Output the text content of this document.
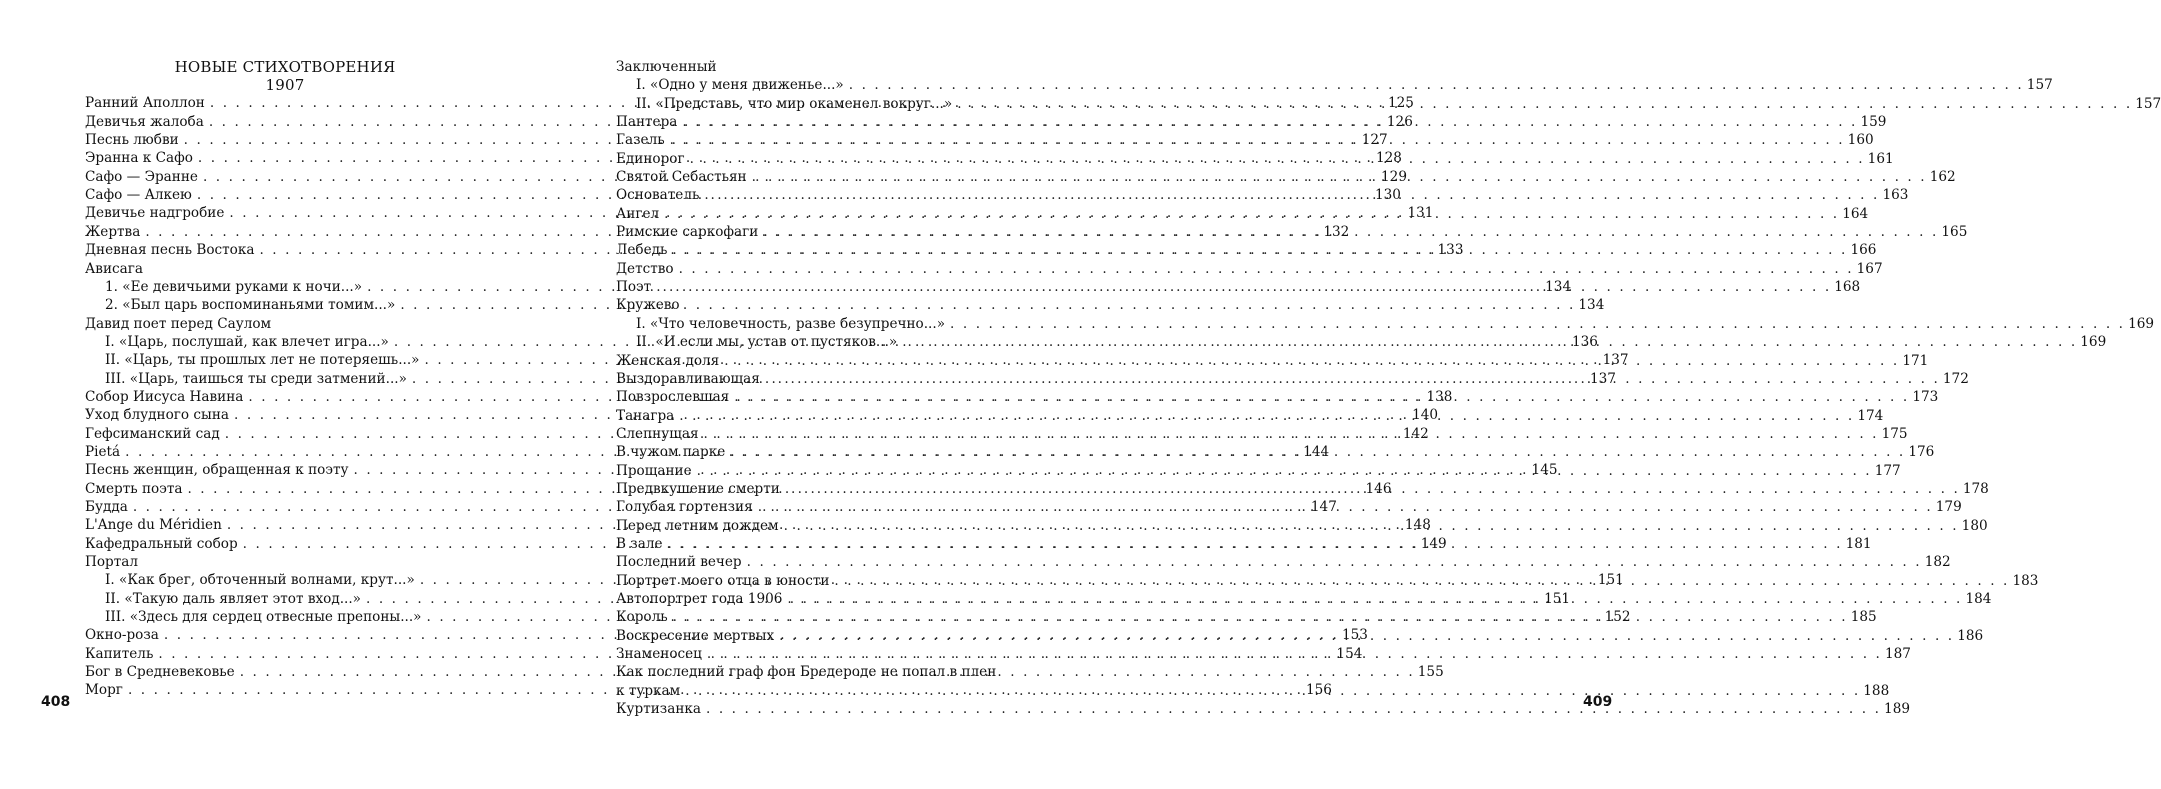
НОВЫЕ СТИХОТВОРЕНИЯ
1907
Ранний Аполлон . . .	125
Девичья жалоба . . .	126
Песнь любви . . .	127
Эранна к Сафо . . .	128
Сафо — Эранне . . .	129
Сафо — Алкею . . .	130
Девичье надгробие . . .	131
Жертва . . .	132
Дневная песнь Востока . . .	133
Ависага
1. «Ее девичьими руками к ночи...» . . .	134
2. «Был царь воспоминаньями томим...» . . .	134
Давид поет перед Саулом
I. «Царь, послушай, как влечет игра...» . . .	136
II. «Царь, ты прошлых лет не потеряешь...» . . .	137
III. «Царь, таишься ты среди затмений...» . . .	137
Собор Иисуса Навина . . .	138
Уход блудного сына . . .	140
Гефсиманский сад . . .	142
Pietá . . .	144
Песнь женщин, обращенная к поэту . . .	145
Смерть поэта . . .	146
Будда . . .	147
L'Ange du Méridien . . .	148
Кафедральный собор . . .	149
Портал
I. «Как брег, обточенный волнами, крут...» . . .	151
II. «Такую даль являет этот вход...» . . .	151
III. «Здесь для сердец отвесные препоны...» . . .	152
Окно-роза . . .	153
Капитель . . .	154
Бог в Средневековье . . .	155
Морг . . .	156
408
Заключенный
I. «Одно у меня движенье...» . . .	157
II. «Представь, что мир окаменел вокруг...» . . .	157
Пантера . . .	159
Газель . . .	160
Единорог . . .	161
Святой Себастьян . . .	162
Основатель . . .	163
Ангел . . .	164
Римские саркофаги . . .	165
Лебедь . . .	166
Детство . . .	167
Поэт . . .	168
Кружево
I. «Что человечность, разве безупречно...» . . .	169
II. «И если мы, устав от пустяков...» . . .	169
Женская доля . . .	171
Выздоравливающая . . .	172
Повзрослевшая . . .	173
Танагра . . .	174
Слепнущая . . .	175
В чужом парке . . .	176
Прощание . . .	177
Предвкушение смерти . . .	178
Голубая гортензия . . .	179
Перед летним дождем . . .	180
В зале . . .	181
Последний вечер . . .	182
Портрет моего отца в юности . . .	183
Автопортрет года 1906 . . .	184
Король . . .	185
Воскресение мертвых . . .	186
Знаменосец . . .	187
Как последний граф фон Бредероде не попал в плен
к туркам . . .	188
Куртизанка . . .	189
409
